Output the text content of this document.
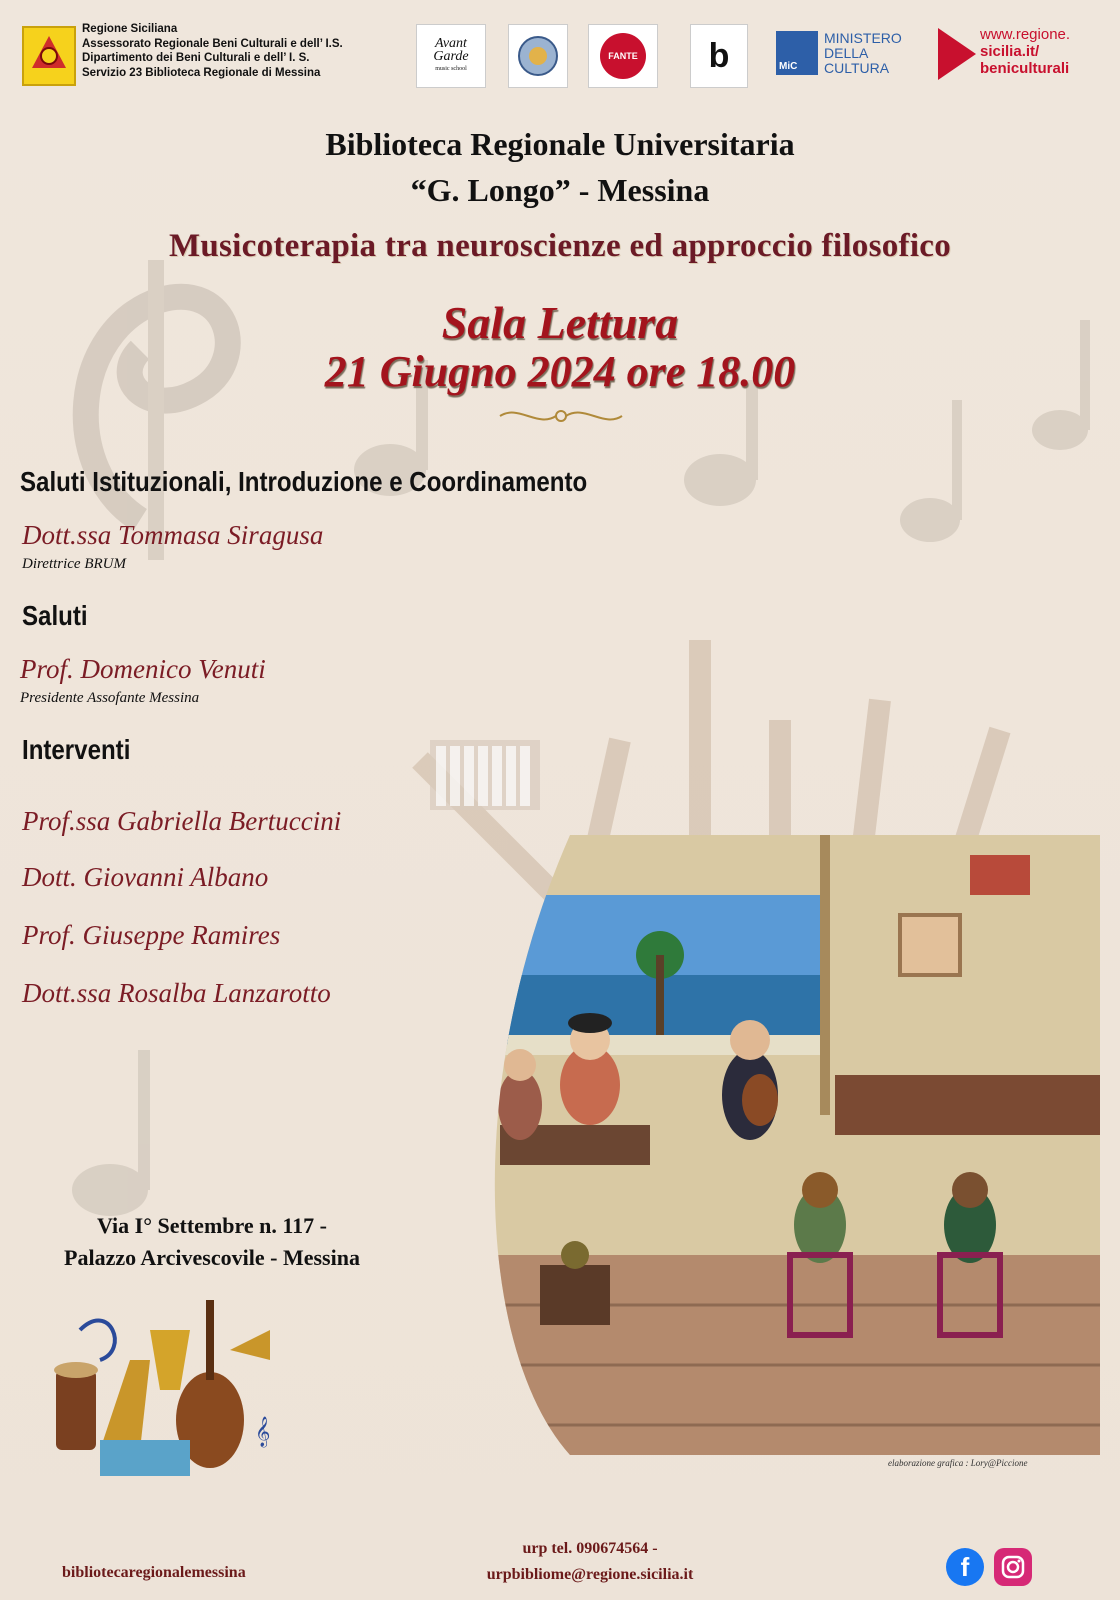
Regione Siciliana
Assessorato Regionale Beni Culturali e dell’ I.S.
Dipartimento dei Beni Culturali e dell’ I. S.
Servizio 23 Biblioteca Regionale di Messina
Avant Garde
music school
FANTE b	MiC
MINISTERO
DELLA
CULTURA
www.regione.
sicilia.it/
beniculturali
Biblioteca Regionale Universitaria
“G. Longo” - Messina
Musicoterapia tra neuroscienze ed approccio filosofico
Sala Lettura
21 Giugno 2024 ore 18.00
Saluti Istituzionali, Introduzione e Coordinamento
Dott.ssa Tommasa Siragusa
Direttrice BRUM
Saluti
Prof. Domenico Venuti
Presidente Assofante Messina
Interventi
Prof.ssa Gabriella Bertuccini
Dott. Giovanni Albano
Prof. Giuseppe Ramires
Dott.ssa Rosalba Lanzarotto
Via I° Settembre n. 117 -
Palazzo Arcivescovile - Messina
𝄞
elaborazione grafica : Lory@Piccione
bibliotecaregionalemessina
urp tel. 090674564 -
urpbibliome@regione.sicilia.it	f
